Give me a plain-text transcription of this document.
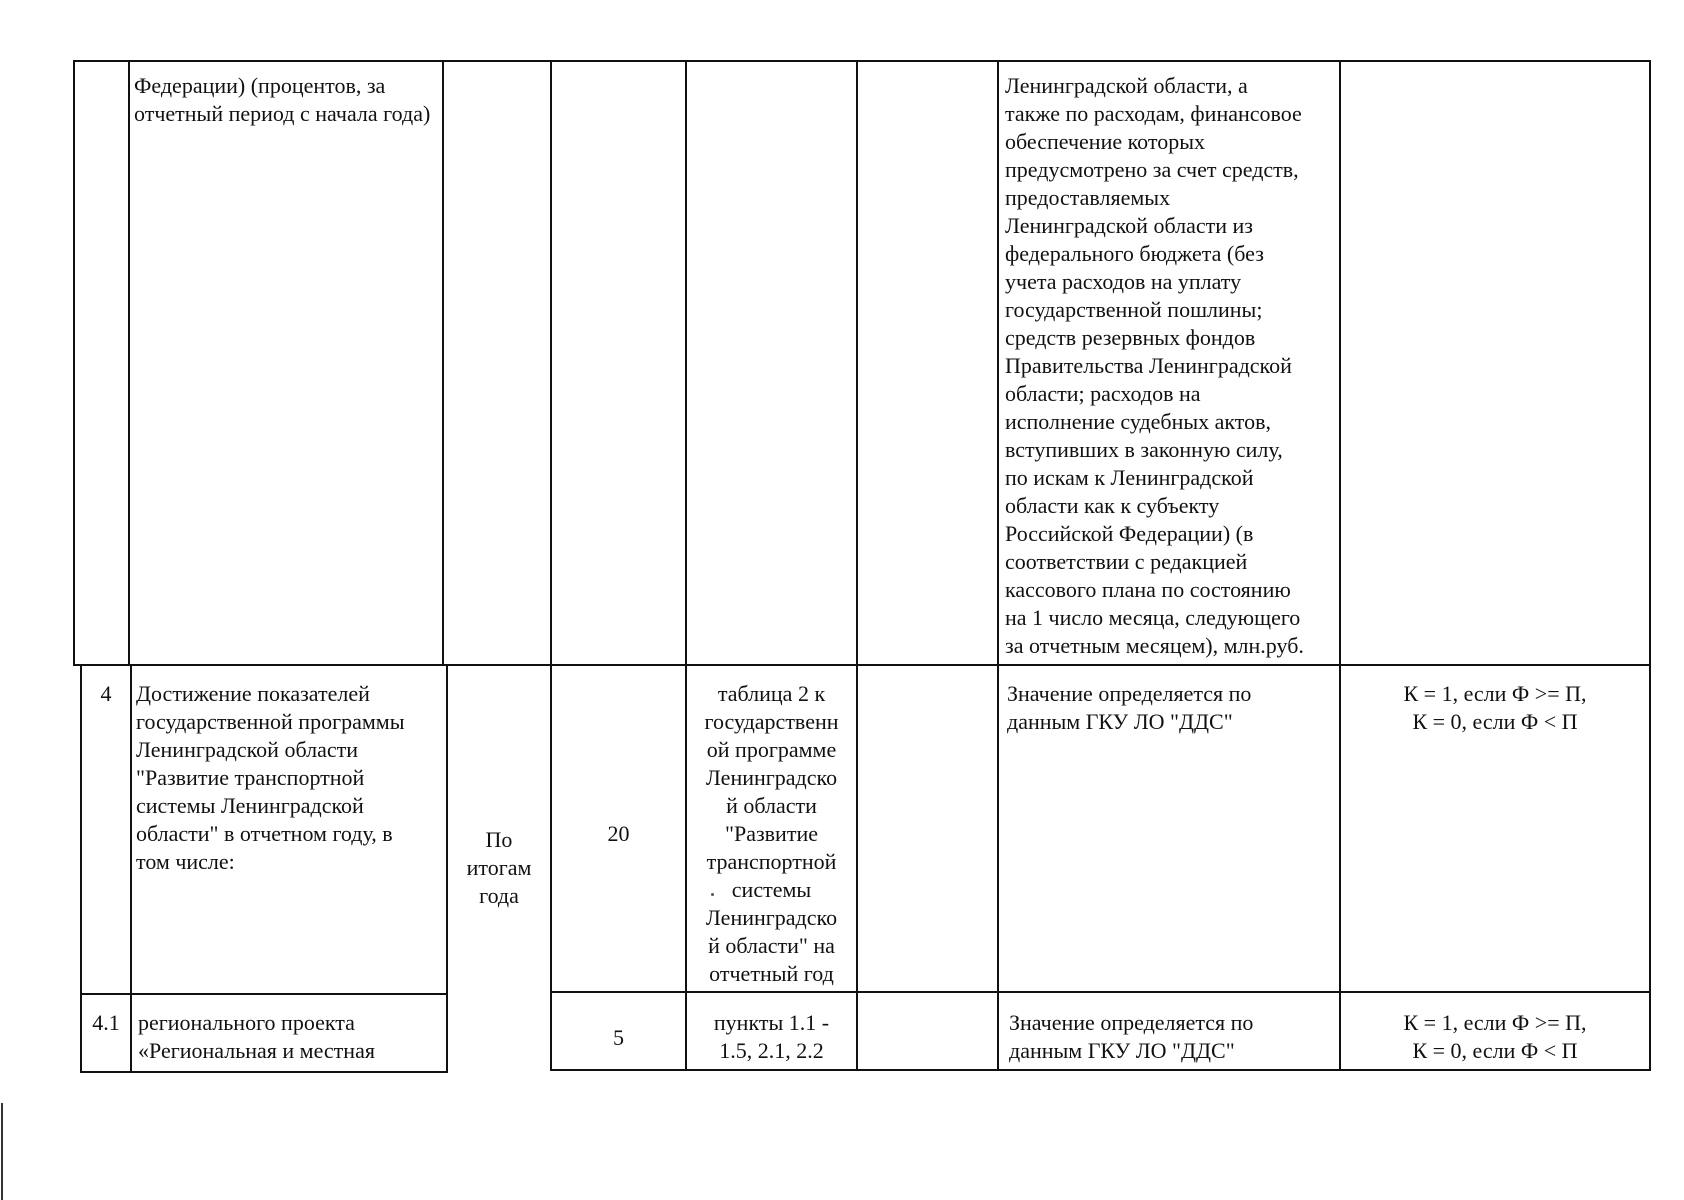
Федерации) (процентов, за отчетный период с начала года)
Ленинградской области, а
также по расходам, финансовое
обеспечение которых
предусмотрено за счет средств,
предоставляемых
Ленинградской области из
федерального бюджета (без
учета расходов на уплату
государственной пошлины;
средств резервных фондов
Правительства Ленинградской
области; расходов на
исполнение судебных актов,
вступивших в законную силу,
по искам к Ленинградской
области как к субъекту
Российской Федерации) (в
соответствии с редакцией
кассового плана по состоянию
на 1 число месяца, следующего
за отчетным месяцем), млн.руб.
4	Достижение показателей
государственной программы
Ленинградской области
"Развитие транспортной
системы Ленинградской
области" в отчетном году, в
том числе:
По
итогам
года
20
таблица 2 к
государственн
ой программе
Ленинградско
й области
"Развитие
транспортной
системы
Ленинградско
й области" на
отчетный год
Значение определяется по
данным ГКУ ЛО "ДДС"
К = 1, если Ф >= П,
К = 0, если Ф < П
4.1 регионального проекта
«Региональная и местная
5
пункты 1.1 -
1.5, 2.1, 2.2
Значение определяется по
данным ГКУ ЛО "ДДС"
К = 1, если Ф >= П,
К = 0, если Ф < П
